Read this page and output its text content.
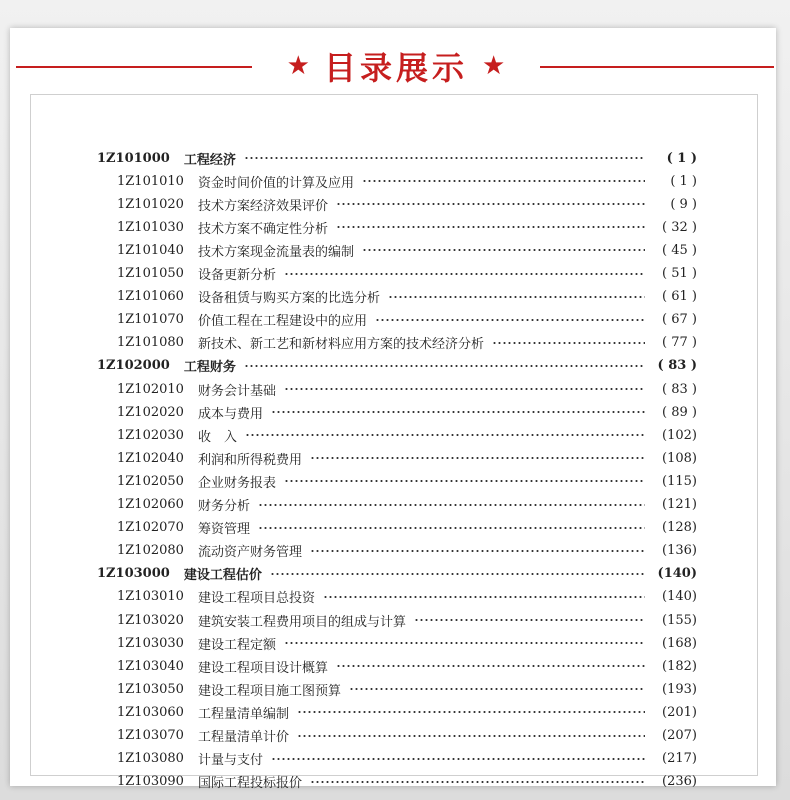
★ 目录展示 ★
1Z101000 工程经济	( 1 )
1Z101010 资金时间价值的计算及应用	( 1 )
1Z101020 技术方案经济效果评价	( 9 )
1Z101030 技术方案不确定性分析	( 32 )
1Z101040 技术方案现金流量表的编制	( 45 )
1Z101050 设备更新分析	( 51 )
1Z101060 设备租赁与购买方案的比选分析	( 61 )
1Z101070 价值工程在工程建设中的应用	( 67 )
1Z101080 新技术、新工艺和新材料应用方案的技术经济分析	( 77 )
1Z102000 工程财务	( 83 )
1Z102010 财务会计基础	( 83 )
1Z102020 成本与费用	( 89 )
1Z102030 收　入	(102)
1Z102040 利润和所得税费用	(108)
1Z102050 企业财务报表	(115)
1Z102060 财务分析	(121)
1Z102070 筹资管理	(128)
1Z102080 流动资产财务管理	(136)
1Z103000 建设工程估价	(140)
1Z103010 建设工程项目总投资	(140)
1Z103020 建筑安装工程费用项目的组成与计算	(155)
1Z103030 建设工程定额	(168)
1Z103040 建设工程项目设计概算	(182)
1Z103050 建设工程项目施工图预算	(193)
1Z103060 工程量清单编制	(201)
1Z103070 工程量清单计价	(207)
1Z103080 计量与支付	(217)
1Z103090 国际工程投标报价	(236)
